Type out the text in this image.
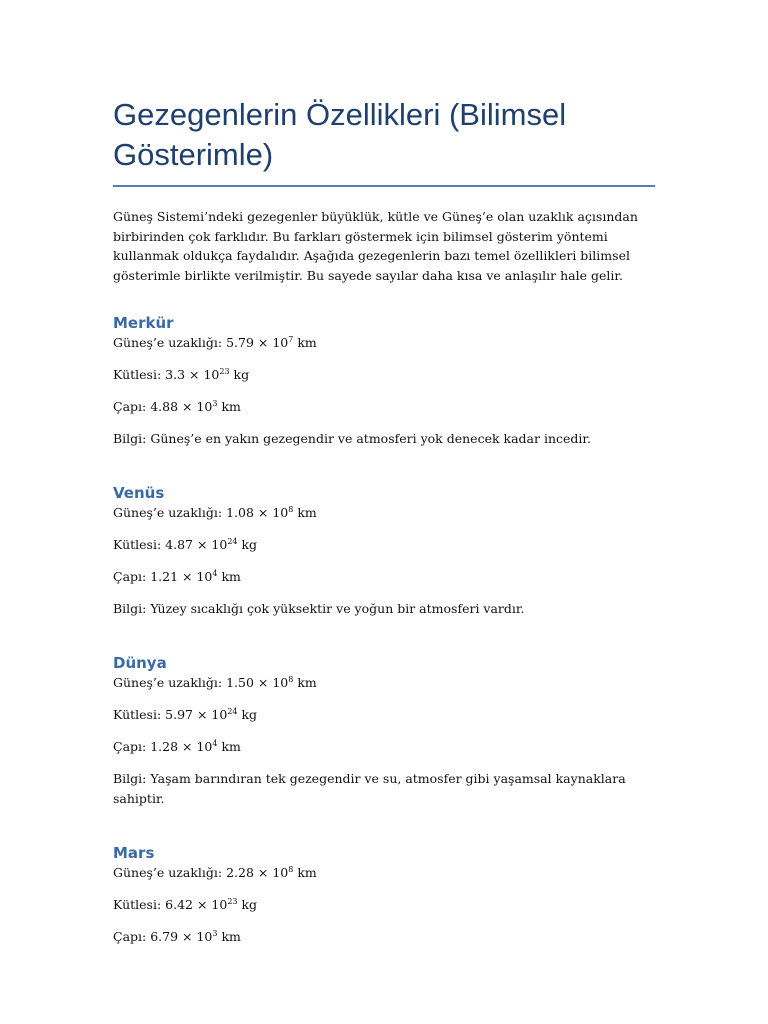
Gezegenlerin Özellikleri (Bilimsel Gösterimle)

Güneş Sistemi’ndeki gezegenler büyüklük, kütle ve Güneş’e olan uzaklık açısından birbirinden çok farklıdır. Bu farkları göstermek için bilimsel gösterim yöntemi kullanmak oldukça faydalıdır. Aşağıda gezegenlerin bazı temel özellikleri bilimsel gösterimle birlikte verilmiştir. Bu sayede sayılar daha kısa ve anlaşılır hale gelir.

Merkür

Güneş’e uzaklığı: $5.79 \times 10^7$ km

Kütlesi: $3.3 \times 10^{23}$ kg

Çapı: $4.88 \times 10^3$ km

Bilgi: Güneş’e en yakın gezegendir ve atmosferi yok denecek kadar incedir.

Venüs

Güneş’e uzaklığı: $1.08 \times 10^8$ km

Kütlesi: $4.87 \times 10^{24}$ kg

Çapı: $1.21 \times 10^4$ km

Bilgi: Yüzey sıcaklığı çok yüksektir ve yoğun bir atmosferi vardır.

Dünya

Güneş’e uzaklığı: $1.50 \times 10^8$ km

Kütlesi: $5.97 \times 10^{24}$ kg

Çapı: $1.28 \times 10^4$ km

Bilgi: Yaşam barındıran tek gezegendir ve su, atmosfer gibi yaşamsal kaynaklara sahiptir.

Mars

Güneş’e uzaklığı: $2.28 \times 10^8$ km

Kütlesi: $6.42 \times 10^{23}$ kg

Çapı: $6.79 \times 10^3$ km
